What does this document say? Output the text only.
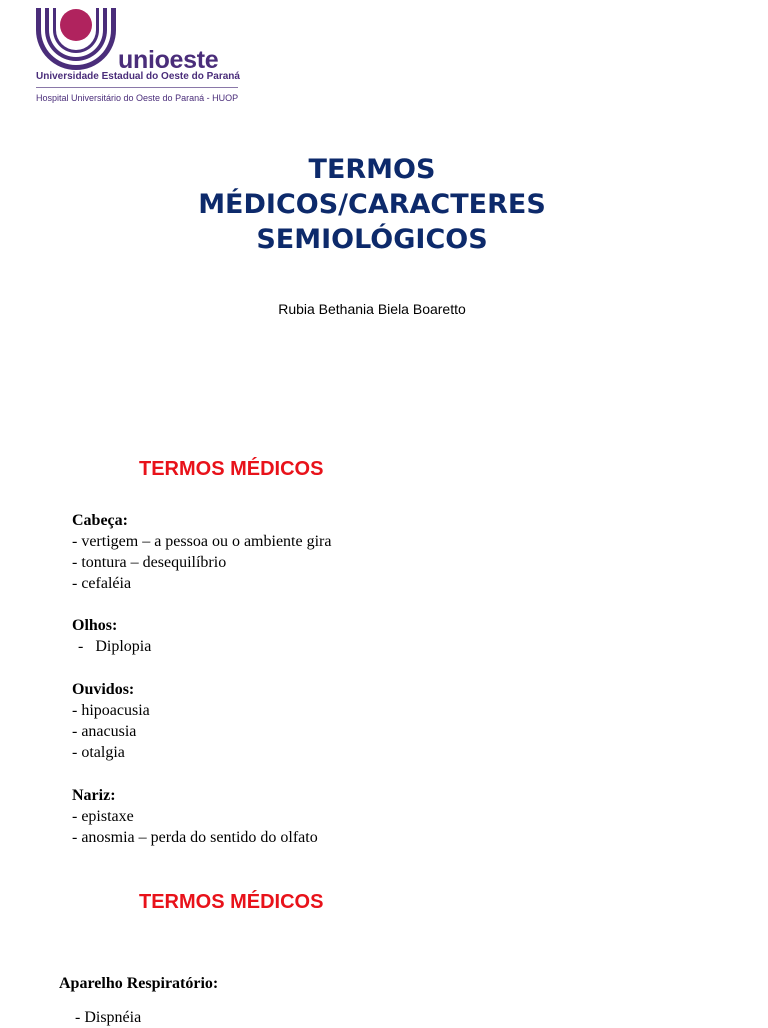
unioeste
Universidade Estadual do Oeste do Paraná
Hospital Universitário do Oeste do Paraná - HUOP
TERMOS
MÉDICOS/CARACTERES
SEMIOLÓGICOS
Rubia Bethania Biela Boaretto
TERMOS MÉDICOS
Cabeça:
- vertigem – a pessoa ou o ambiente gira
- tontura – desequilíbrio
- cefaléia
Olhos:
-   Diplopia
Ouvidos:
- hipoacusia
- anacusia
- otalgia
Nariz:
- epistaxe
- anosmia – perda do sentido do olfato
TERMOS MÉDICOS
Aparelho Respiratório:
- Dispnéia
